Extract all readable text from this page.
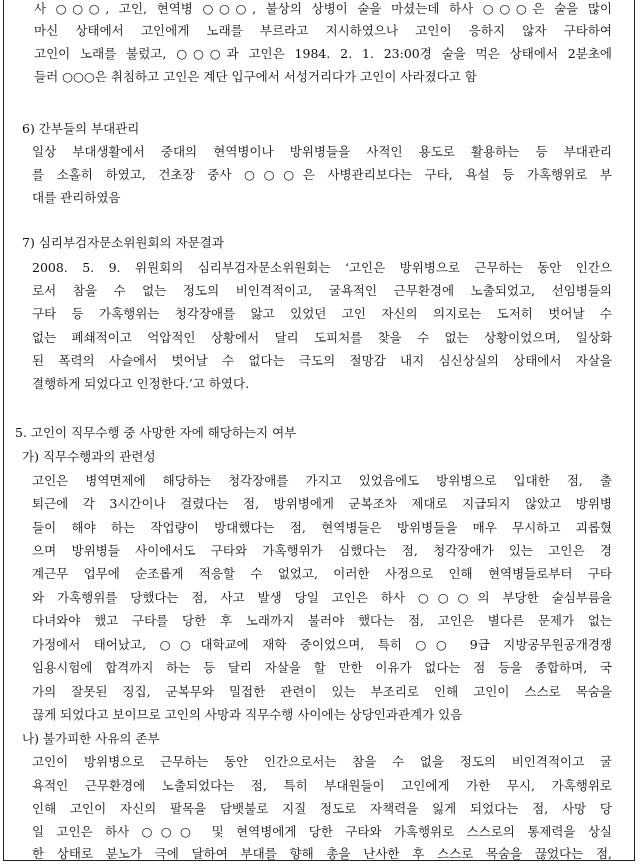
사 ○○○, 고인, 현역병 ○○○, 불상의 상병이 술을 마셨는데 하사 ○○○은 술을 많이
마신 상태에서 고인에게 노래를 부르라고 지시하였으나 고인이 응하지 않자 구타하여
고인이 노래를 불렀고, ○○○과 고인은 1984. 2. 1. 23:00경 술을 먹은 상태에서 2분초에
들러 ○○○은 취침하고 고인은 계단 입구에서 서성거리다가 고인이 사라졌다고 함
6) 간부들의 부대관리
일상 부대생활에서 중대의 현역병이나 방위병들을 사적인 용도로 활용하는 등 부대관리
를 소홀히 하였고, 건초장 중사 ○○○은 사병관리보다는 구타, 욕설 등 가혹행위로 부
대를 관리하였음
7) 심리부검자문소위원회의 자문결과
2008. 5. 9. 위원회의 심리부검자문소위원회는 ‘고인은 방위병으로 근무하는 동안 인간으
로서 참을 수 없는 정도의 비인격적이고, 굴욕적인 근무환경에 노출되었고, 선임병들의
구타 등 가혹행위는 청각장애를 앓고 있었던 고인 자신의 의지로는 도저히 벗어날 수
없는 폐쇄적이고 억압적인 상황에서 달리 도피처를 찾을 수 없는 상황이었으며, 일상화
된 폭력의 사슬에서 벗어날 수 없다는 극도의 절망감 내지 심신상실의 상태에서 자살을
결행하게 되었다고 인정한다.’고 하였다.
5. 고인이 직무수행 중 사망한 자에 해당하는지 여부
가) 직무수행과의 관련성
고인은 병역면제에 해당하는 청각장애를 가지고 있었음에도 방위병으로 입대한 점, 출
퇴근에 각 3시간이나 걸렸다는 점, 방위병에게 군복조차 제대로 지급되지 않았고 방위병
들이 해야 하는 작업량이 방대했다는 점, 현역병들은 방위병들을 매우 무시하고 괴롭혔
으며 방위병들 사이에서도 구타와 가혹행위가 심했다는 점, 청각장애가 있는 고인은 경
계근무 업무에 순조롭게 적응할 수 없었고, 이러한 사정으로 인해 현역병들로부터 구타
와 가혹행위를 당했다는 점, 사고 발생 당일 고인은 하사 ○○○의 부당한 술심부름을
다녀와야 했고 구타를 당한 후 노래까지 불러야 했다는 점, 고인은 별다른 문제가 없는
가정에서 태어났고, ○○대학교에 재학 중이었으며, 특히 ○○ 9급 지방공무원공개경쟁
임용시험에 합격까지 하는 등 달리 자살을 할 만한 이유가 없다는 점 등을 종합하며, 국
가의 잘못된 징집, 군복무와 밀접한 관련이 있는 부조리로 인해 고인이 스스로 목숨을
끊게 되었다고 보이므로 고인의 사망과 직무수행 사이에는 상당인과관계가 있음
나) 불가피한 사유의 존부
고인이 방위병으로 근무하는 동안 인간으로서는 참을 수 없을 정도의 비인격적이고 굴
욕적인 근무환경에 노출되었다는 점, 특히 부대원들이 고인에게 가한 무시, 가혹행위로
인해 고인이 자신의 팔목을 담뱃불로 지질 정도로 자책력을 잃게 되었다는 점, 사망 당
일 고인은 하사 ○○○ 및 현역병에게 당한 구타와 가혹행위로 스스로의 통제력을 상실
한 상태로 분노가 극에 달하여 부대를 향해 총을 난사한 후 스스로 목숨을 끊었다는 점,
